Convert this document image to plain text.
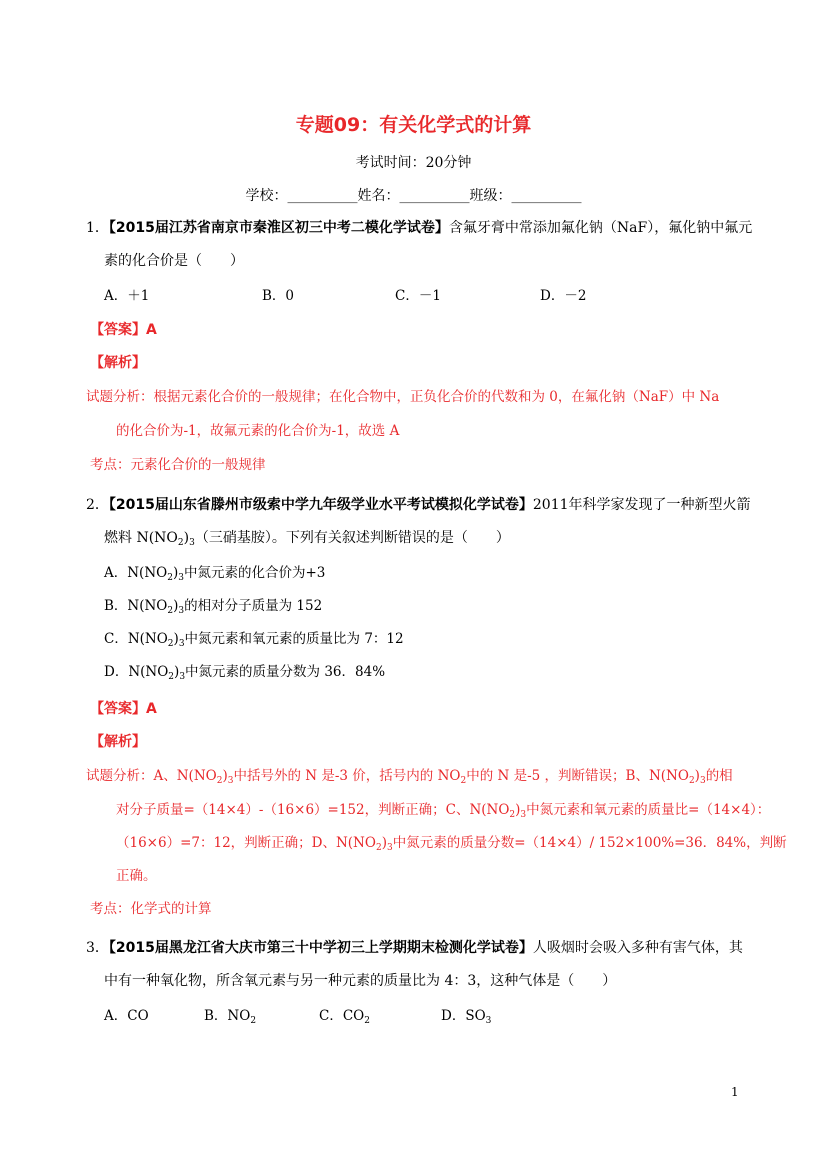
专题09：有关化学式的计算
考试时间：20分钟
学校：__________姓名：__________班级：__________
1．【2015届江苏省南京市秦淮区初三中考二模化学试卷】含氟牙膏中常添加氟化钠（NaF），氟化钠中氟元
素的化合价是（　　）
A．＋1	B．0	C．－1	D．－2
【答案】A
【解析】
试题分析：根据元素化合价的一般规律；在化合物中，正负化合价的代数和为 0，在氟化钠（NaF）中 Na
的化合价为-1，故氟元素的化合价为-1，故选 A
考点：元素化合价的一般规律
2．【2015届山东省滕州市级索中学九年级学业水平考试模拟化学试卷】2011年科学家发现了一种新型火箭
燃料 $N(NO_2)_3$（三硝基胺）。下列有关叙述判断错误的是（　　）
A．$N(NO_2)_3$中氮元素的化合价为+3
B．$N(NO_2)_3$的相对分子质量为 152
C．$N(NO_2)_3$中氮元素和氧元素的质量比为 7：12
D．$N(NO_2)_3$中氮元素的质量分数为 36．84%
【答案】A
【解析】
试题分析：A、$N(NO_2)_3$中括号外的 N 是-3 价，括号内的 $NO_2$中的 N 是-5 ，判断错误；B、$N(NO_2)_3$的相
对分子质量=（14×4）-（16×6）=152，判断正确；C、$N(NO_2)_3$中氮元素和氧元素的质量比=（14×4）：
（16×6）=7：12，判断正确；D、$N(NO_2)_3$中氮元素的质量分数=（14×4）/ 152×100%=36．84%，判断
正确。
考点：化学式的计算
3．【2015届黑龙江省大庆市第三十中学初三上学期期末检测化学试卷】人吸烟时会吸入多种有害气体，其
中有一种氧化物，所含氧元素与另一种元素的质量比为 4：3，这种气体是（　　）
A．CO	B．$NO_2$	C．$CO_2$	D．$SO_3$
1
